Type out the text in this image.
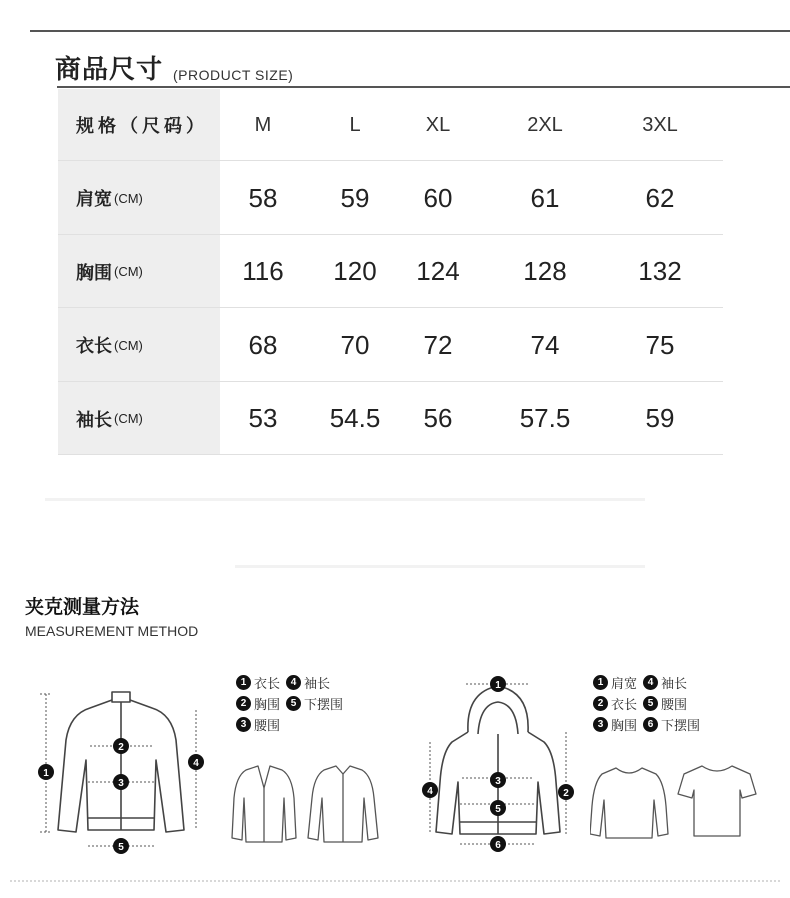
商品尺寸 (PRODUCT SIZE)
规格（尺码）	M	L	XL	2XL	3XL
肩宽 (CM)	58	59	60	61	62
胸围 (CM)	116	120	124	128	132
衣长 (CM)	68	70	72	74	75
袖长 (CM)	53	54.5	56	57.5	59
夹克测量方法
MEASUREMENT METHOD
1 衣长	4 袖长
2 胸围	5 下摆围
3 腰围
1 肩宽	4 袖长
2 衣长	5 腰围
3 胸围	6 下摆围
1
2
3
4
5
1
2
3
4
5
6
